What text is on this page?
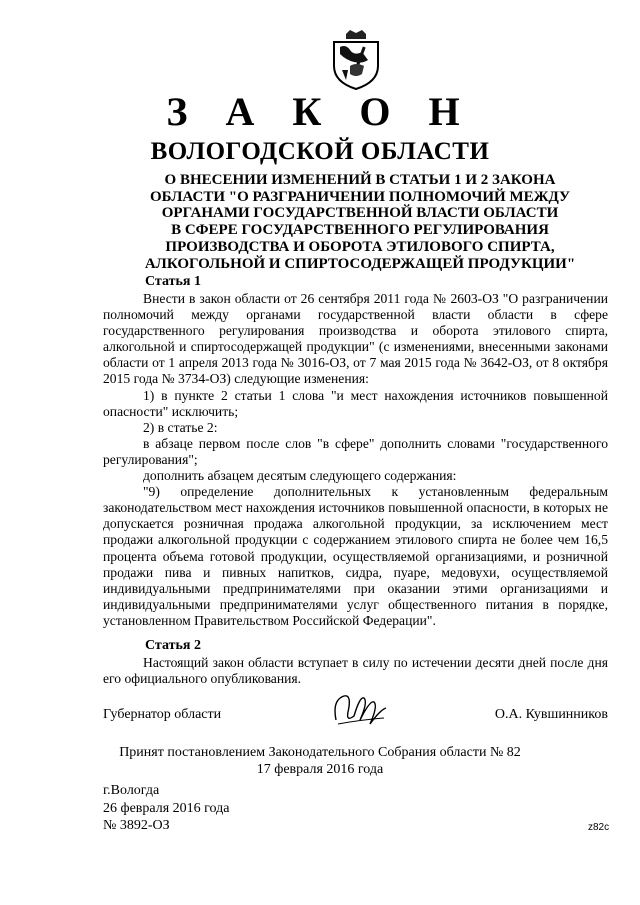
З А К О Н
ВОЛОГОДСКОЙ ОБЛАСТИ
О ВНЕСЕНИИ ИЗМЕНЕНИЙ В СТАТЬИ 1 И 2 ЗАКОНА
ОБЛАСТИ "О РАЗГРАНИЧЕНИИ ПОЛНОМОЧИЙ МЕЖДУ
ОРГАНАМИ ГОСУДАРСТВЕННОЙ ВЛАСТИ ОБЛАСТИ
В СФЕРЕ ГОСУДАРСТВЕННОГО РЕГУЛИРОВАНИЯ
ПРОИЗВОДСТВА И ОБОРОТА ЭТИЛОВОГО СПИРТА,
АЛКОГОЛЬНОЙ И СПИРТОСОДЕРЖАЩЕЙ ПРОДУКЦИИ"
Статья 1

Внести в закон области от 26 сентября 2011 года № 2603-ОЗ "О разграничении полномочий между органами государственной власти области в сфере государственного регулирования производства и оборота этилового спирта, алкогольной и спиртосодержащей продукции" (с изменениями, внесенными законами области от 1 апреля 2013 года № 3016-ОЗ, от 7 мая 2015 года № 3642-ОЗ, от 8 октября 2015 года № 3734-ОЗ) следующие изменения:

1) в пункте 2 статьи 1 слова "и мест нахождения источников повышенной опасности" исключить;

2) в статье 2:

в абзаце первом после слов "в сфере" дополнить словами "государственного регулирования";

дополнить абзацем десятым следующего содержания:

"9) определение дополнительных к установленным федеральным законодательством мест нахождения источников повышенной опасности, в которых не допускается розничная продажа алкогольной продукции, за исключением мест продажи алкогольной продукции с содержанием этилового спирта не более чем 16,5 процента объема готовой продукции, осуществляемой организациями, и розничной продажи пива и пивных напитков, сидра, пуаре, медовухи, осуществляемой индивидуальными предпринимателями при оказании этими организациями и индивидуальными предпринимателями услуг общественного питания в порядке, установленном Правительством Российской Федерации".

Статья 2

Настоящий закон области вступает в силу по истечении десяти дней после дня его официального опубликования.

Губернатор области	О.А. Кувшинников
Принят постановлением Законодательного Собрания области № 82
17 февраля 2016 года
г.Вологда
26 февраля 2016 года
№ 3892-ОЗ	z82c
